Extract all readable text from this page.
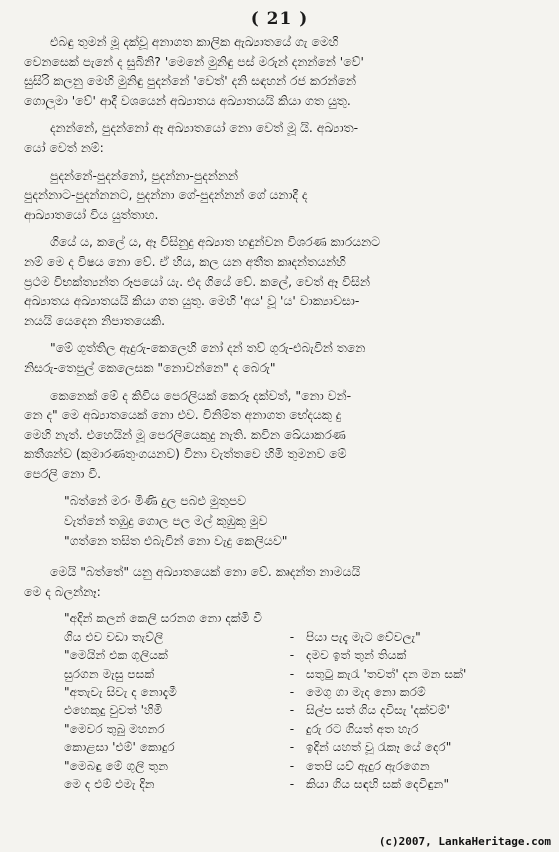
( 21 )
එබඳු තුමන් මූ දක්වූ අනාගත කාලික ඇඛ්‍යාතයේ ගැ මෙහි
වෙනසෙක් පැනේ ද සුබිනි? 'මෙනේ මුනිඳු පස් මරුන් දනන්නේ 'වේ'
සුසිරි කලනු මෙහි මුනිඳු පුදන්නේ 'වෙත්' දනි සඳහන් රජ කරන්නේ
ගොලුමා 'වේ' ආදී වශයෙන් අඛ්‍යාතය අඛ්‍යාතයයි කියා ගත යුතු.
දනන්නේ, පුදන්නෝ ඈ අඛ්‍යාතයෝ නො වෙත් මූ යි. අඛ්‍යාත-
යෝ වෙත් නම්:
පුදන්නේ-පුදන්නෝ, පුදන්නා-පුදන්නන්
පුදන්නාට-පුදන්නනට, පුදන්නා ගේ-පුදන්නන් ගේ යනාදී ද
ආඛ්‍යාතයෝ විය යුත්තාහ.
ගියේ ය, කලේ ය, ඈ විසිනුදු අඛ්‍යාත හඳුන්වන විශරණ කාරයනට
නම් මෙ ද විෂය නො වේ. ඒ හිය, කල යන අතීත කෘදන්තයන්හි
ප්‍රථම විභක්ත්‍යන්ත රූපයෝ යැ. එද ගියේ වේ. කලේ, වෙත් ඈ විසින්
අඛ්‍යාතය අඛ්‍යාතයයි කියා ගත යුතු. මෙහි 'අය' වූ 'ය' වාක්‍යාවසා-
නයයි යෙදෙන නිපාතයෙකි.
"මේ ගුත්තිල ඇදුරු-කෙලෙහි නෝ දන් තව් ගුරු-එබැවින් තනෙ
නිසරු-තෙපුල් කෙලෙසක "නොවන්නෙ" ද බෙරු"
කෙනෙක් මේ ද කිවිය පෙරලියක් කෙරූ දක්වත්, "නො වන්-
නෙ ද" මෙ අඛ්‍යාතයෙක් නො එව. විනිම්ත අනාගත භේදයකු දු
මෙහි නැත්. එහෙයින් මූ පෙරලියෙකුදු නැති. කවින ඛේයාකරණ
කතීශන්ව (කුමාරණතුංගයනව) විනා වැත්තවෙ හිමි තුමනව මේ
පෙරලි නො වී.
"බත්නේ මරං මිණි දුල පබළු මුතුපව
වැත්නේ තඹුදු ගොල පල මල් කුඹුකු මුව
"ගත්නෙ තසිත එබැවින් නො වැදු කෙලියව"
මෙයි "බත්තේ" යනු අඛ්‍යාතයෙක් නො වේ. කෘදන්ත නාමයයි
මෙ ද බලන්නෑ:
"අදින් කලන් කෙලි සරනග නො දක්මි වී
ගිය එව වඩා තැව්ලි	- පියා පැදැ මැට වේවලැ"
"මෙයින් එක ගුලියක්	- දමව ඉත් තුන් තියක්
සුරගන මැසු පසක්	- සතුටු කැරැ 'තවත්' දන මන සක්'
"අතැවැ සිවැ ද නොදැමී	- මෙගු ගා මැද නො කරම්
එහෙකුදු වුවත් 'හිමි	- සිල්ප සත් ගිය දවිසැ 'දක්වම්'
"මෙවර තුබු මහනර	- දුරු රට ගියත් අත හැර
කොළසා 'එම්' කොදුර	- ඉදින් යහත් වූ රැකෑ යේ දෙර"
"මෙබඳු මේ ගුලි තුන	- තෙපි යව් ඇදුර ඇරගෙන
මෙ ද එම් එමැ දින	- කියා ගිය සඳහි සක් දෙවිඳුන"
(c)2007, LankaHeritage.com
